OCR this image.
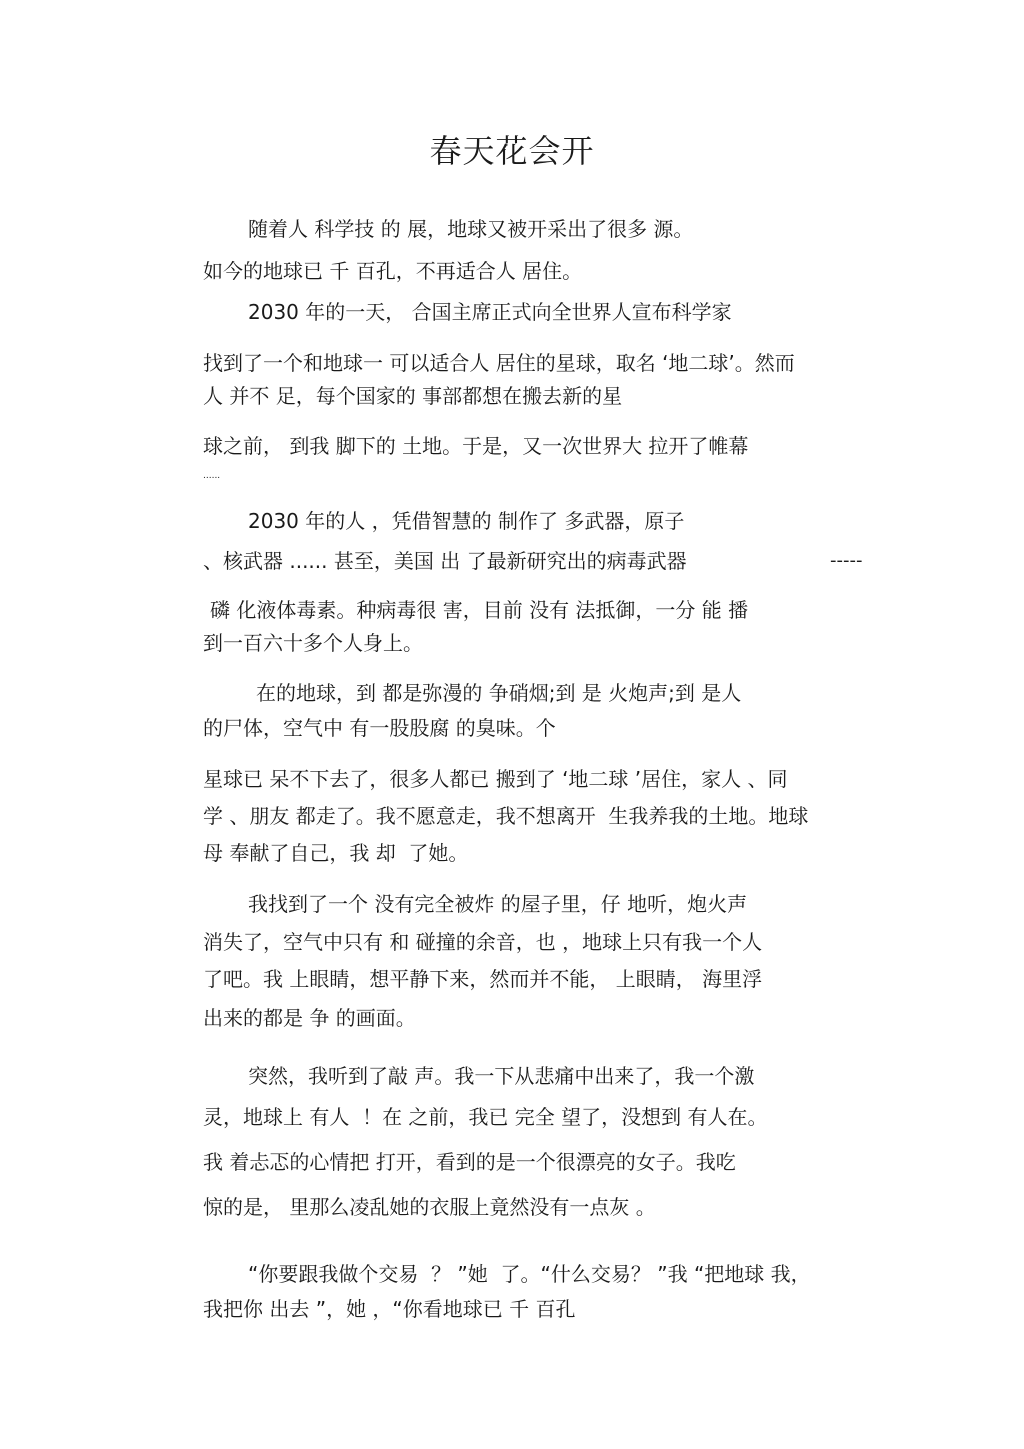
春天花会开
随着人 科学技 的 展，地球又被开采出了很多 源。
如今的地球已 千 百孔，不再适合人 居住。
2030 年的一天， 合国主席正式向全世界人宣布科学家
找到了一个和地球一 可以适合人 居住的星球，取名 ‘地二球’。然而
人 并不 足，每个国家的 事部都想在搬去新的星
球之前， 到我 脚下的 土地。于是，又一次世界大 拉开了帷幕
......
2030 年的人 ，凭借智慧的 制作了 多武器，原子
、核武器 ...... 甚至，美国 出 了最新研究出的病毒武器	-----
磷 化液体毒素。种病毒很 害，目前 没有 法抵御，一分 能 播
到一百六十多个人身上。
在的地球，到 都是弥漫的 争硝烟;到 是 火炮声;到 是人
的尸体，空气中 有一股股腐 的臭味。个
星球已 呆不下去了，很多人都已 搬到了 ‘地二球 ’居住，家人 、同
学 、朋友 都走了。我不愿意走，我不想离开  生我养我的土地。地球
母 奉献了自己，我 却  了她。
我找到了一个 没有完全被炸 的屋子里，仔 地听，炮火声
消失了，空气中只有 和 碰撞的余音，也 ，地球上只有我一个人
了吧。我 上眼睛，想平静下来，然而并不能， 上眼睛， 海里浮
出来的都是 争 的画面。
突然，我听到了敲 声。我一下从悲痛中出来了，我一个激
灵，地球上 有人  ！在 之前，我已 完全 望了，没想到 有人在。
我 着忐忑的心情把 打开，看到的是一个很漂亮的女子。我吃
惊的是， 里那么凌乱她的衣服上竟然没有一点灰 。
“你要跟我做个交易  ？ ”她  了。“什么交易？ ”我 “把地球 我，
我把你 出去 ”，她 ，“你看地球已 千 百孔
